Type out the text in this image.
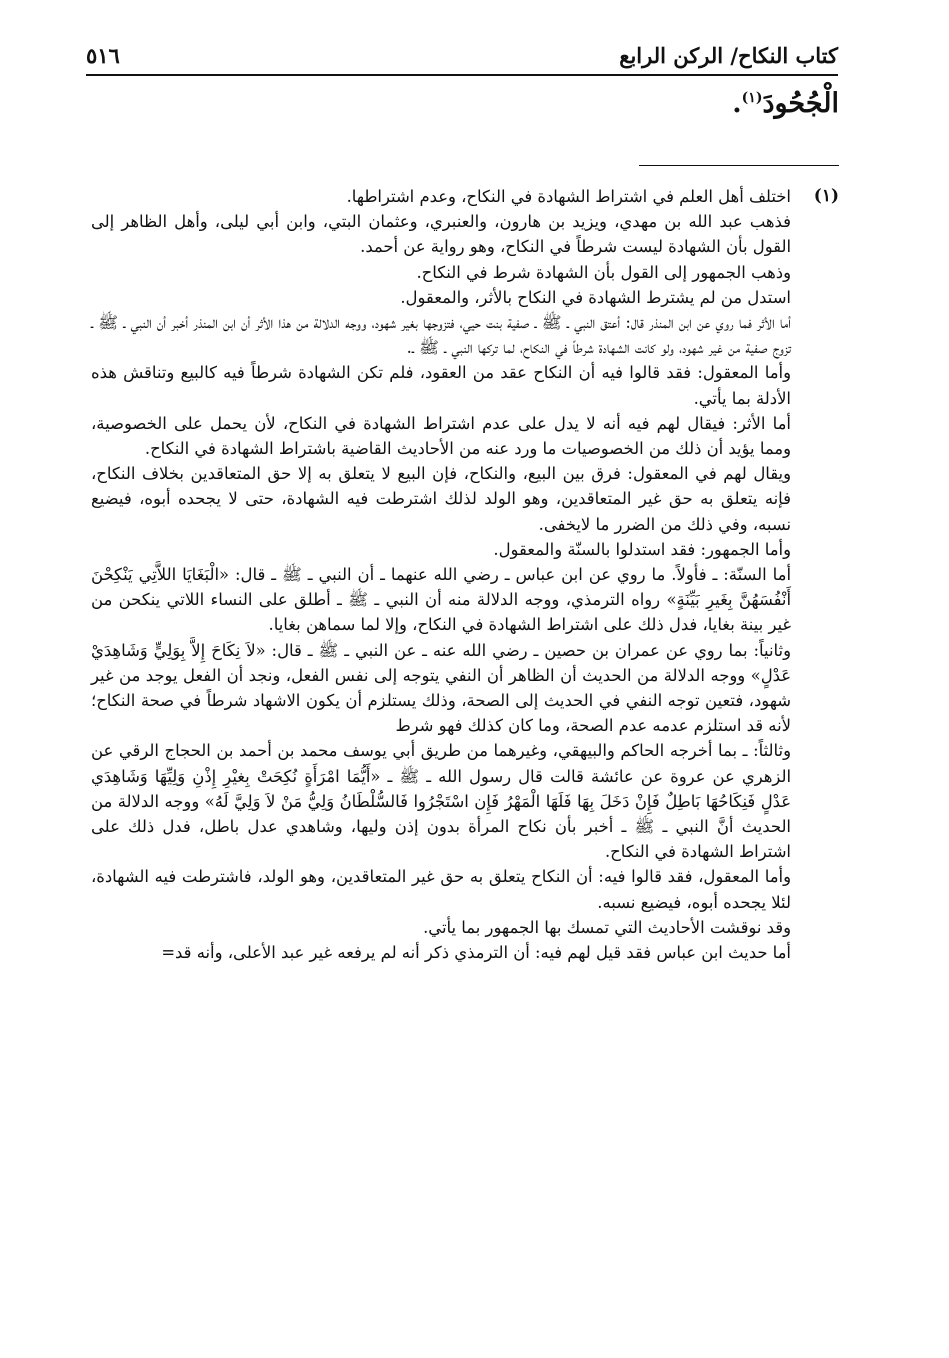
كتاب النكاح/ الركن الرابع
٥١٦
الْجُحُودَ$^{(١)}$.
(١)

اختلف أهل العلم في اشتراط الشهادة في النكاح، وعدم اشتراطها.

فذهب عبد الله بن مهدي، ويزيد بن هارون، والعنبري، وعثمان البتي، وابن أبي ليلى، وأهل الظاهر إلى القول بأن الشهادة ليست شرطاً في النكاح، وهو رواية عن أحمد.

وذهب الجمهور إلى القول بأن الشهادة شرط في النكاح.

استدل من لم يشترط الشهادة في النكاح بالأثر، والمعقول.

أما الأثر فما روي عن ابن المنذر قال: أعتق النبي ـ ﷺ ـ صفية بنت حيي، فتزوجها بغير شهود، ووجه الدلالة من هذا الأثر أن ابن المنذر أخبر أن النبي ـ ﷺ ـ تزوج صفية من غير شهود، ولو كانت الشهادة شرطاً في النكاح، لما تركها النبي ـ ﷺ ـ.

وأما المعقول: فقد قالوا فيه أن النكاح عقد من العقود، فلم تكن الشهادة شرطاً فيه كالبيع وتناقش هذه الأدلة بما يأتي.

أما الأثر: فيقال لهم فيه أنه لا يدل على عدم اشتراط الشهادة في النكاح، لأن يحمل على الخصوصية، ومما يؤيد أن ذلك من الخصوصيات ما ورد عنه من الأحاديث القاضية باشتراط الشهادة في النكاح.

ويقال لهم في المعقول: فرق بين البيع، والنكاح، فإن البيع لا يتعلق به إلا حق المتعاقدين بخلاف النكاح، فإنه يتعلق به حق غير المتعاقدين، وهو الولد لذلك اشترطت فيه الشهادة، حتى لا يجحده أبوه، فيضيع نسبه، وفي ذلك من الضرر ما لايخفى.

وأما الجمهور: فقد استدلوا بالسنّة والمعقول.

أما السنّة: ـ فأولاً. ما روي عن ابن عباس ـ رضي الله عنهما ـ أن النبي ـ ﷺ ـ قال: «الْبَغَايَا اللاَّتِي يَنْكِحْنَ أَنْفُسَهُنَّ بِغَيرِ بَيِّنَةٍ» رواه الترمذي، ووجه الدلالة منه أن النبي ـ ﷺ ـ أطلق على النساء اللاتي ينكحن من غير بينة بغايا، فدل ذلك على اشتراط الشهادة في النكاح، وإلا لما سماهن بغايا.

وثانياً: بما روي عن عمران بن حصين ـ رضي الله عنه ـ عن النبي ـ ﷺ ـ قال: «لاَ نِكَاحَ إِلاَّ بِوَلِيٍّ وَشَاهِدَيْ عَدْلٍ» ووجه الدلالة من الحديث أن الظاهر أن النفي يتوجه إلى نفس الفعل، ونجد أن الفعل يوجد من غير شهود، فتعين توجه النفي في الحديث إلى الصحة، وذلك يستلزم أن يكون الاشهاد شرطاً في صحة النكاح؛ لأنه قد استلزم عدمه عدم الصحة، وما كان كذلك فهو شرط

وثالثاً: ـ بما أخرجه الحاكم والبيهقي، وغيرهما من طريق أبي يوسف محمد بن أحمد بن الحجاج الرقي عن الزهري عن عروة عن عائشة قالت قال رسول الله ـ ﷺ ـ «أَيُّمَا امْرَأَةٍ نُكِحَتْ بِغيْرِ إِذْنِ وَلِيِّهَا وَشَاهِدَي عَدْلٍ فَنِكَاحُهَا بَاطِلٌ فَإِنْ دَخَلَ بِهَا فَلَهَا الْمَهْرُ فَإِن اسْتَجْرُوا فَالسُّلْطَانُ وَلِيُّ مَنْ لاَ وَلِيَّ لَهُ» ووجه الدلالة من الحديث أنَّ النبي ـ ﷺ ـ أخبر بأن نكاح المرأة بدون إذن وليها، وشاهدي عدل باطل، فدل ذلك على اشتراط الشهادة في النكاح.

وأما المعقول، فقد قالوا فيه: أن النكاح يتعلق به حق غير المتعاقدين، وهو الولد، فاشترطت فيه الشهادة، لئلا يجحده أبوه، فيضيع نسبه.

وقد نوقشت الأحاديث التي تمسك بها الجمهور بما يأتي.

أما حديث ابن عباس فقد قيل لهم فيه: أن الترمذي ذكر أنه لم يرفعه غير عبد الأعلى، وأنه قد=
